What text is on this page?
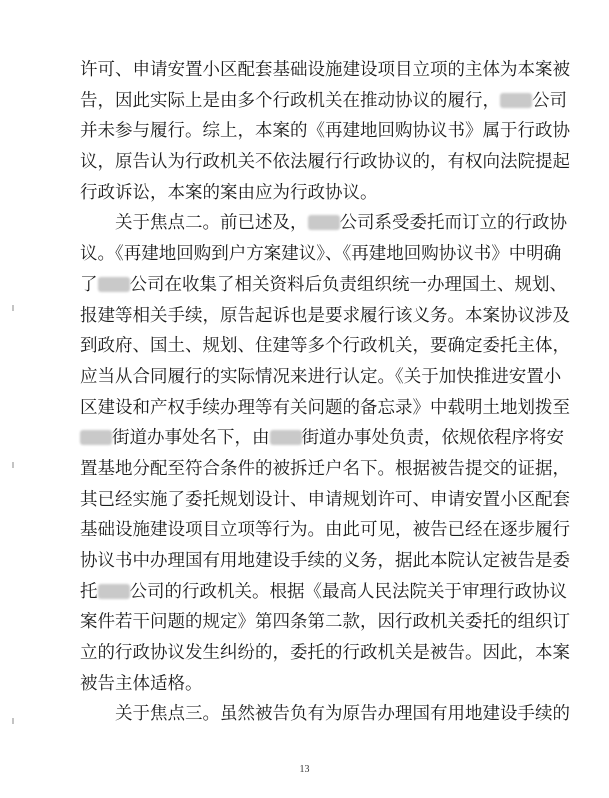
许可、申请安置小区配套基础设施建设项目立项的主体为本案被
告，因此实际上是由多个行政机关在推动协议的履行， 公司
并未参与履行。综上，本案的《再建地回购协议书》属于行政协
议，原告认为行政机关不依法履行行政协议的，有权向法院提起
行政诉讼，本案的案由应为行政协议。
关于焦点二。前已述及， 公司系受委托而订立的行政协
议。《再建地回购到户方案建议》、《再建地回购协议书》中明确
了 公司在收集了相关资料后负责组织统一办理国土、规划、
报建等相关手续，原告起诉也是要求履行该义务。本案协议涉及
到政府、国土、规划、住建等多个行政机关，要确定委托主体，
应当从合同履行的实际情况来进行认定。《关于加快推进安置小
区建设和产权手续办理等有关问题的备忘录》中载明土地划拨至
街道办事处名下，由 街道办事处负责，依规依程序将安
置基地分配至符合条件的被拆迁户名下。根据被告提交的证据，
其已经实施了委托规划设计、申请规划许可、申请安置小区配套
基础设施建设项目立项等行为。由此可见，被告已经在逐步履行
协议书中办理国有用地建设手续的义务，据此本院认定被告是委
托 公司的行政机关。根据《最高人民法院关于审理行政协议
案件若干问题的规定》第四条第二款，因行政机关委托的组织订
立的行政协议发生纠纷的，委托的行政机关是被告。因此，本案
被告主体适格。
关于焦点三。虽然被告负有为原告办理国有用地建设手续的
13
